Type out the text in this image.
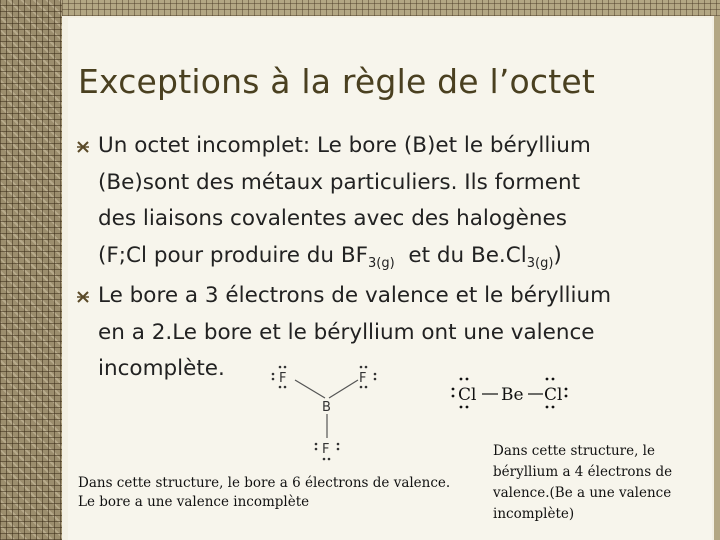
Exceptions à la règle de l’octet
Un octet incomplet: Le bore (B)et le béryllium
(Be)sont des métaux particuliers. Ils forment
des liaisons covalentes avec des halogènes
(F;Cl pour produire du $BF_{3(g)}$  et du $Be.Cl_{3(g)}$)
Le bore a 3 électrons de valence et le béryllium
en a 2.Le bore et le béryllium ont une valence
incomplète.
B
F	F
F
Cl Be Cl
Dans cette structure, le bore a 6 électrons de valence.
Le bore a une valence incomplète
Dans cette structure, le
béryllium a 4 électrons de
valence.(Be a une valence
incomplète)
